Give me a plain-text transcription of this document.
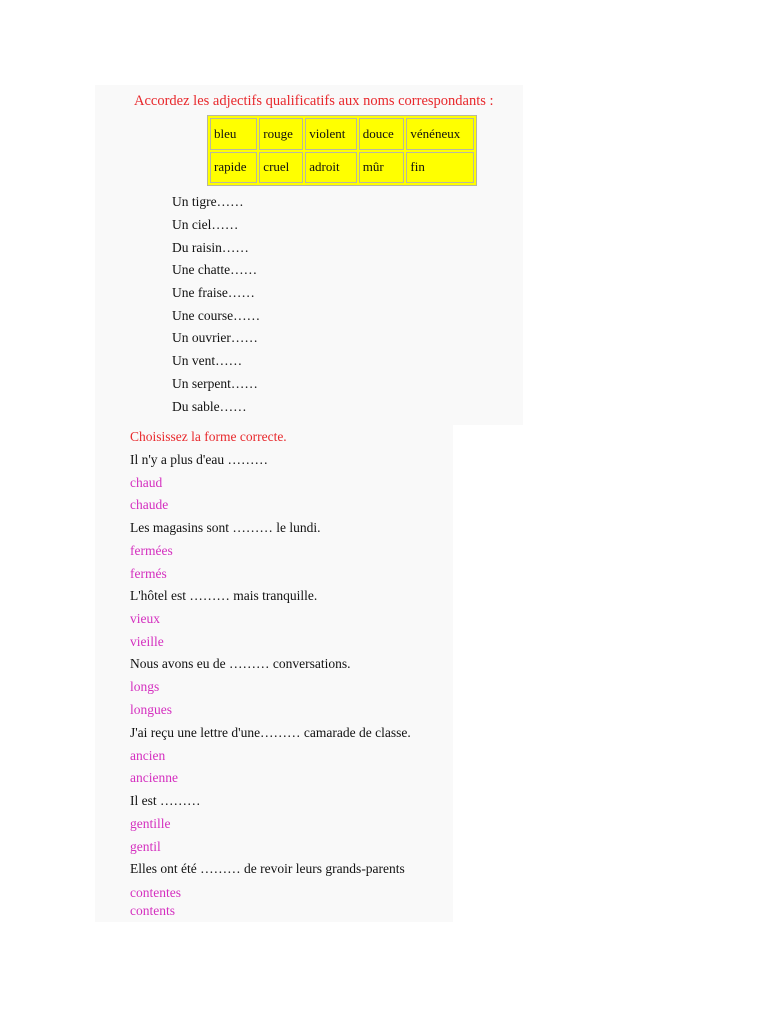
Accordez les adjectifs qualificatifs aux noms correspondants :
bleu	rouge	violent	douce	vénéneux
rapide	cruel	adroit	mûr	fin
Un tigre……
Un ciel……
Du raisin……
Une chatte……
Une fraise……
Une course……
Un ouvrier……
Un vent……
Un serpent……
Du sable……
Choisissez la forme correcte.
Il n'y a plus d'eau ………
chaud
chaude
Les magasins sont ……… le lundi.
fermées
fermés
L'hôtel est ……… mais tranquille.
vieux
vieille
Nous avons eu de ……… conversations.
longs
longues
J'ai reçu une lettre d'une……… camarade de classe.
ancien
ancienne
Il est ………
gentille
gentil
Elles ont été ……… de revoir leurs grands-parents
contentes
contents
